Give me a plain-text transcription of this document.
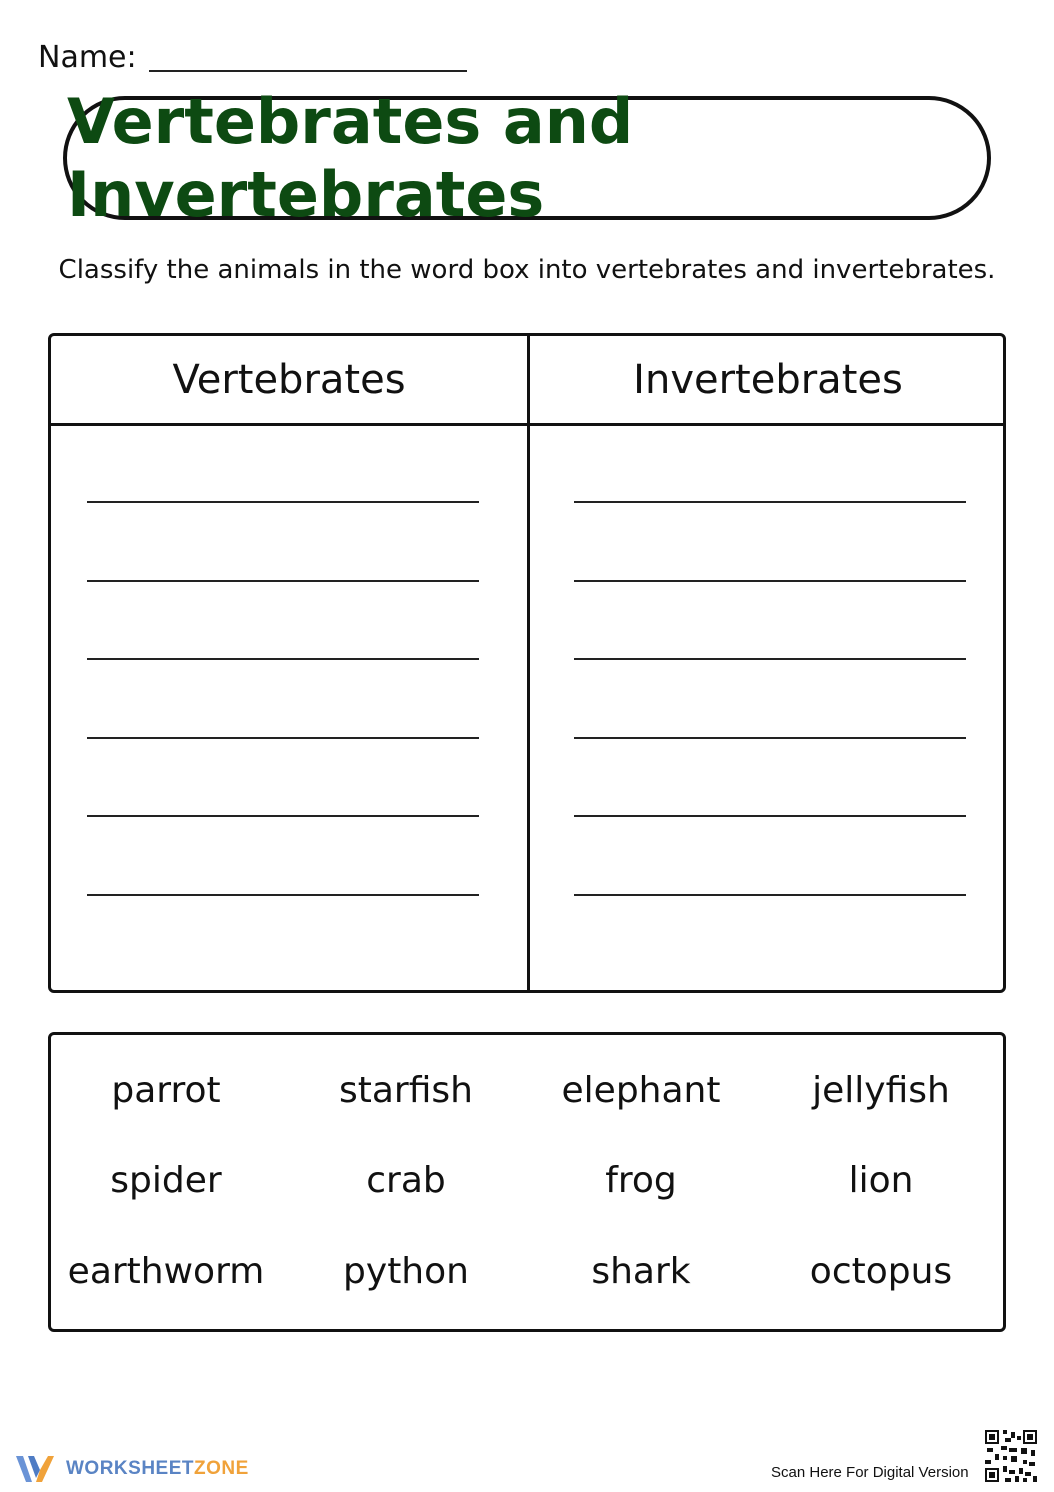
Name:
Vertebrates and Invertebrates
Classify the animals in the word box into vertebrates and invertebrates.
Vertebrates	Invertebrates
parrot	starfish	elephant	jellyfish
spider	crab	frog	lion
earthworm	python	shark	octopus
WORKSHEETZONE	Scan Here For Digital Version
